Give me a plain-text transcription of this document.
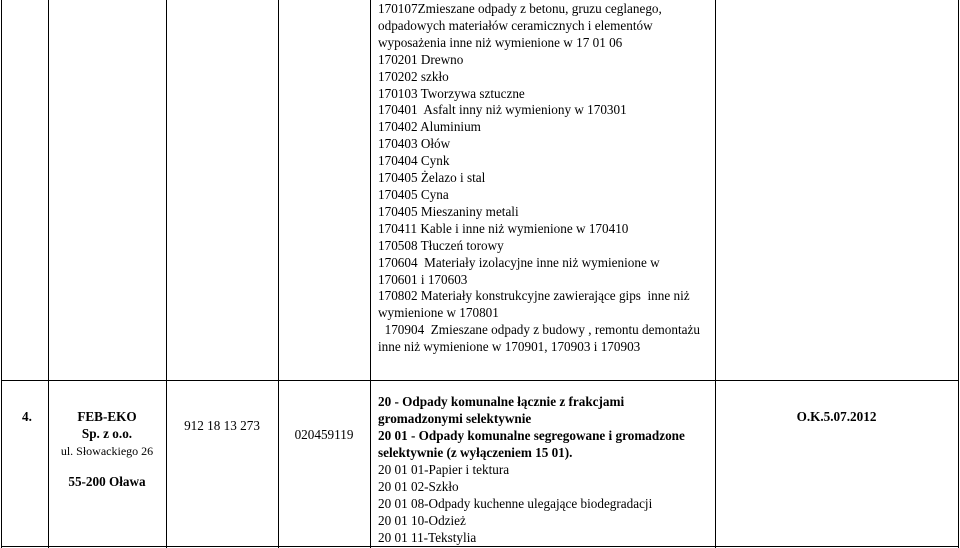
170107Zmieszane odpady z betonu, gruzu ceglanego,
odpadowych materiałów ceramicznych i elementów
wyposażenia inne niż wymienione w 17 01 06
170201 Drewno
170202 szkło
170103 Tworzywa sztuczne
170401  Asfalt inny niż wymieniony w 170301
170402 Aluminium
170403 Ołów
170404 Cynk
170405 Żelazo i stal
170405 Cyna
170405 Mieszaniny metali
170411 Kable i inne niż wymienione w 170410
170508 Tłuczeń torowy
170604  Materiały izolacyjne inne niż wymienione w
170601 i 170603
170802 Materiały konstrukcyjne zawierające gips  inne niż
wymienione w 170801
170904  Zmieszane odpady z budowy , remontu demontażu
inne niż wymienione w 170901, 170903 i 170903
4.	FEB-EKO
Sp. z o.o.
ul. Słowackiego 26
55-200 Oława
912 18 13 273
020459119
20 - Odpady komunalne łącznie z frakcjami
gromadzonymi selektywnie
20 01 - Odpady komunalne segregowane i gromadzone
selektywnie (z wyłączeniem 15 01).
20 01 01-Papier i tektura
20 01 02-Szkło
20 01 08-Odpady kuchenne ulegające biodegradacji
20 01 10-Odzież
20 01 11-Tekstylia
O.K.5.07.2012
